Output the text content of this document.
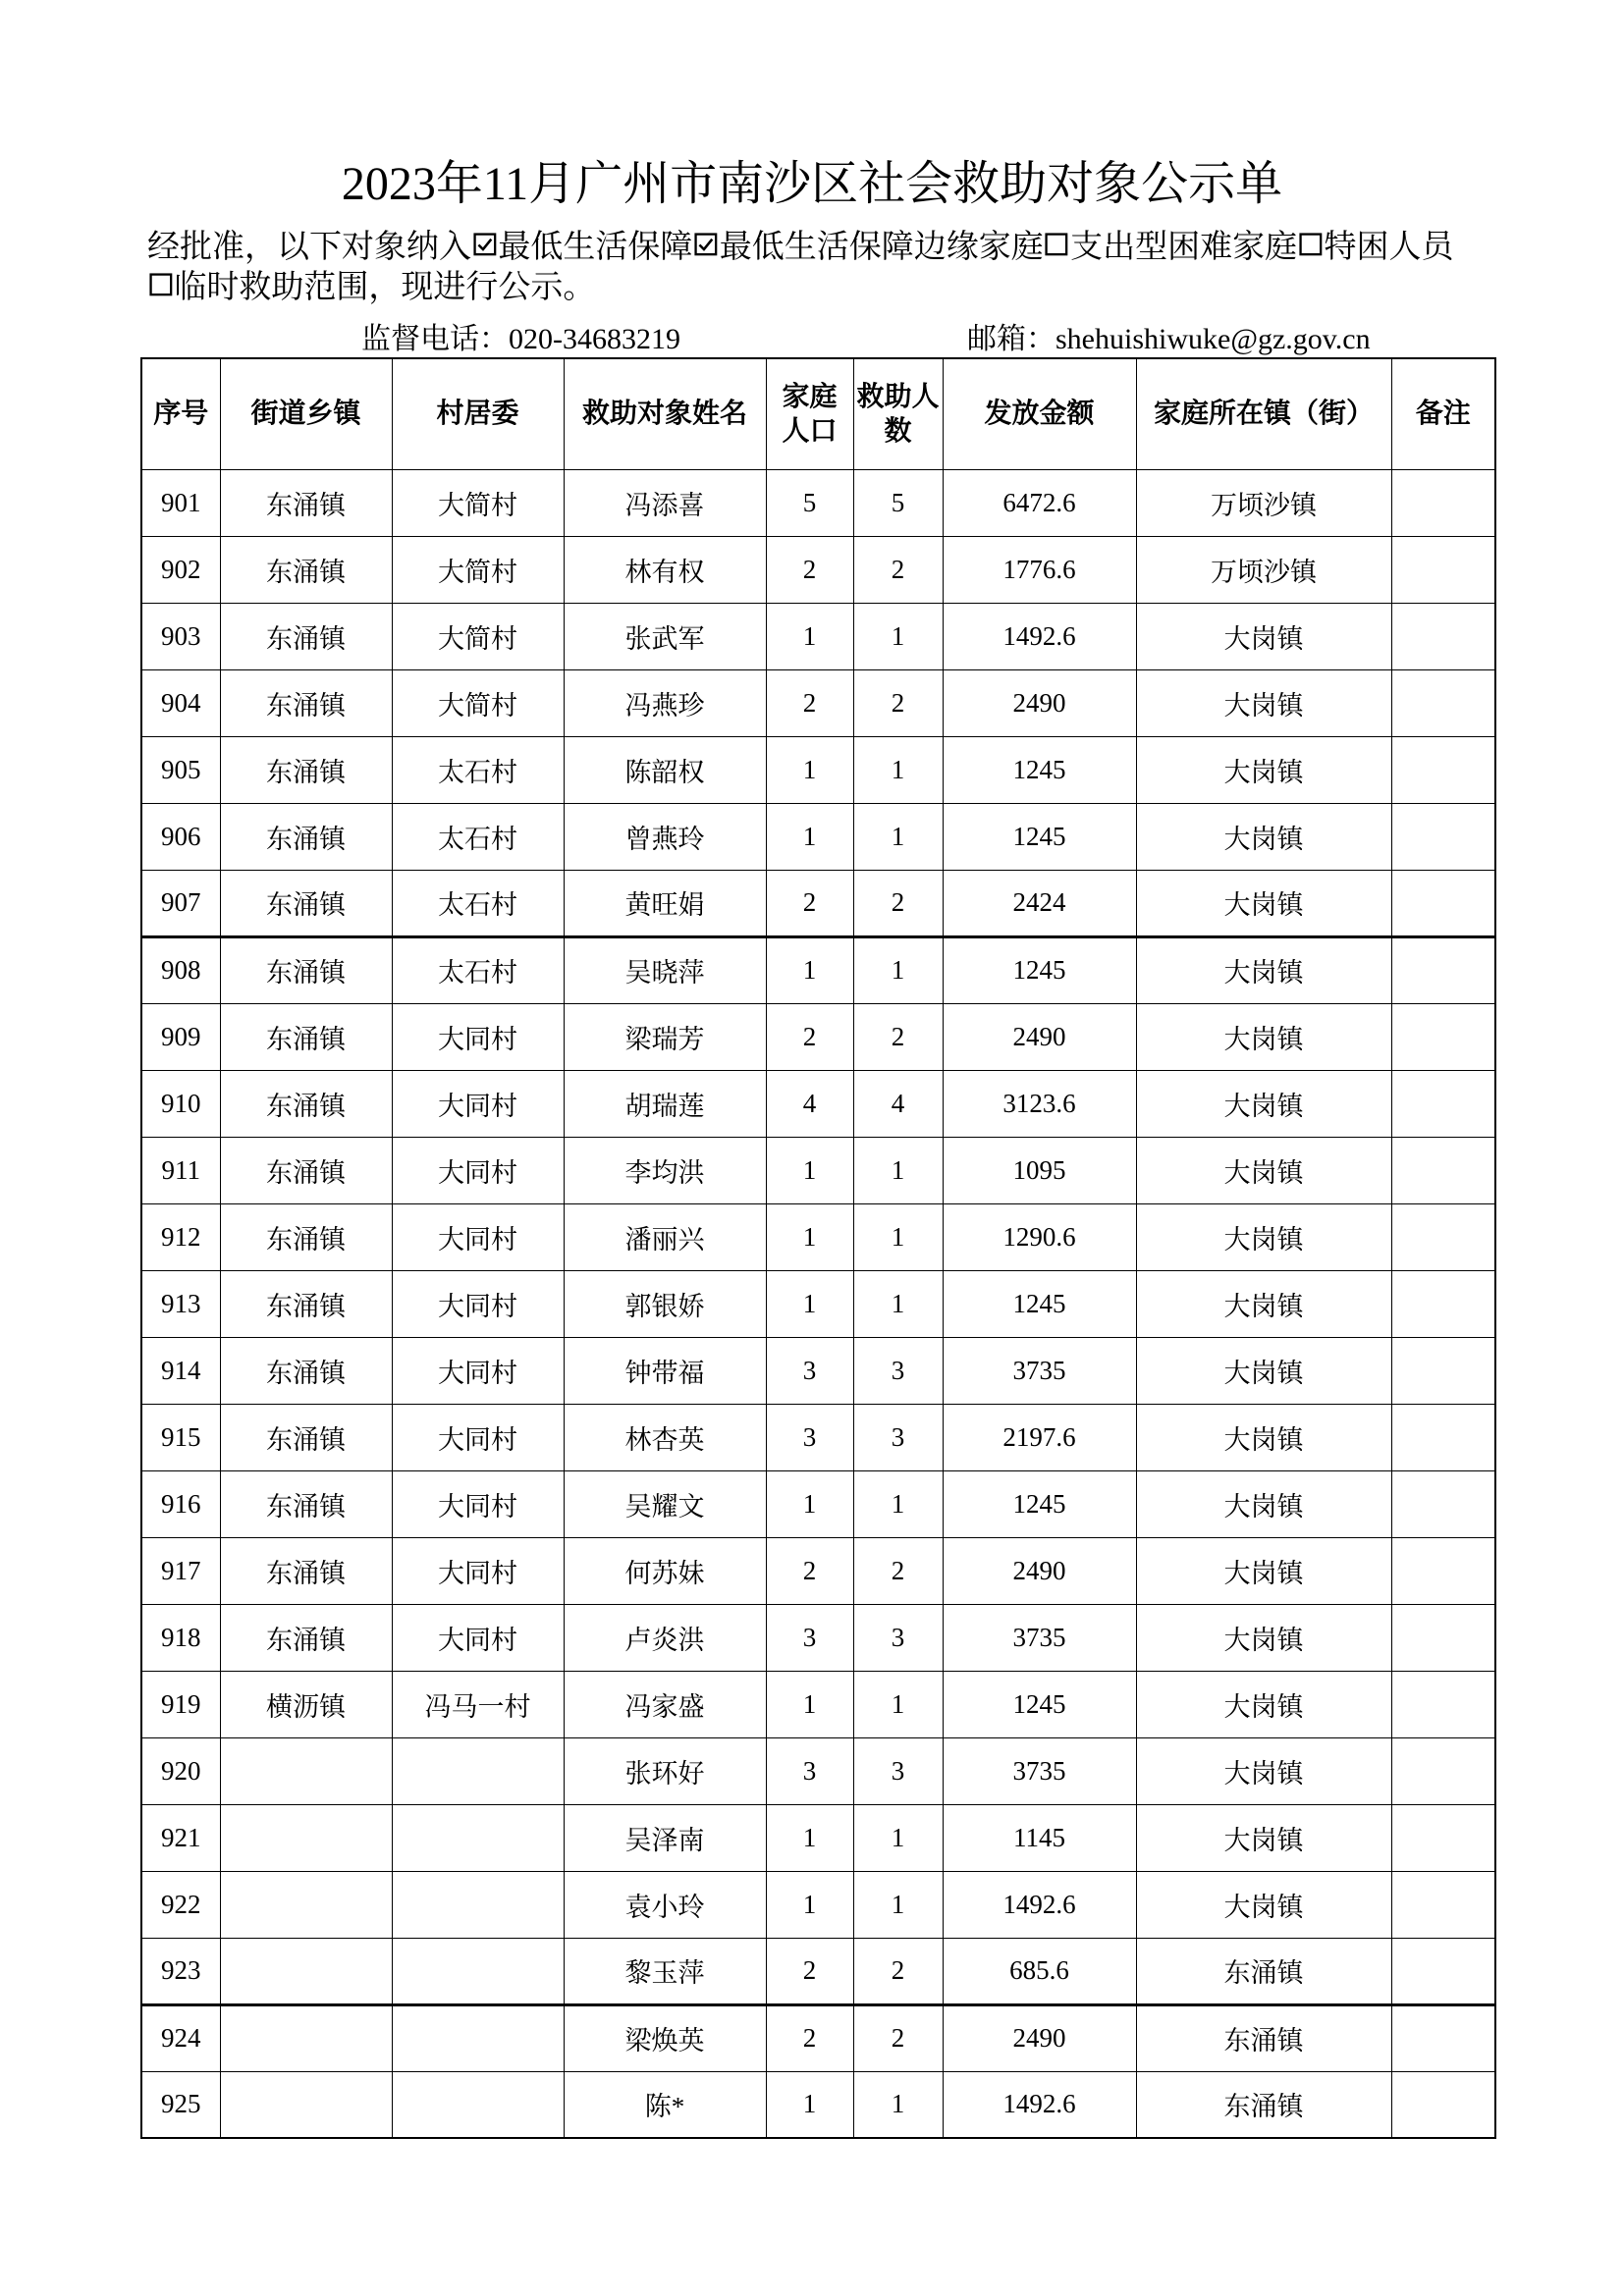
2023年11月广州市南沙区社会救助对象公示单
经批准，以下对象纳入 最低生活保障 最低生活保障边缘家庭 支出型困难家庭 特困人员
临时救助 范围，现进行公示。
监督电话：020-34683219	邮箱：shehuishiwuke@gz.gov.cn
序号	街道乡镇	村居委	救助对象姓名	家庭人口	救助人数	发放金额	家庭所在镇（街）	备注
901	东涌镇	大简村	冯添喜	5	5	6472.6	万顷沙镇	
902	东涌镇	大简村	林有权	2	2	1776.6	万顷沙镇	
903	东涌镇	大简村	张武军	1	1	1492.6	大岗镇	
904	东涌镇	大简村	冯燕珍	2	2	2490	大岗镇	
905	东涌镇	太石村	陈韶权	1	1	1245	大岗镇	
906	东涌镇	太石村	曾燕玲	1	1	1245	大岗镇	
907	东涌镇	太石村	黄旺娟	2	2	2424	大岗镇	
908	东涌镇	太石村	吴晓萍	1	1	1245	大岗镇	
909	东涌镇	大同村	梁瑞芳	2	2	2490	大岗镇	
910	东涌镇	大同村	胡瑞莲	4	4	3123.6	大岗镇	
911	东涌镇	大同村	李均洪	1	1	1095	大岗镇	
912	东涌镇	大同村	潘丽兴	1	1	1290.6	大岗镇	
913	东涌镇	大同村	郭银娇	1	1	1245	大岗镇	
914	东涌镇	大同村	钟带福	3	3	3735	大岗镇	
915	东涌镇	大同村	林杏英	3	3	2197.6	大岗镇	
916	东涌镇	大同村	吴耀文	1	1	1245	大岗镇	
917	东涌镇	大同村	何苏妹	2	2	2490	大岗镇	
918	东涌镇	大同村	卢炎洪	3	3	3735	大岗镇	
919	横沥镇	冯马一村	冯家盛	1	1	1245	大岗镇	
920			张环好	3	3	3735	大岗镇	
921			吴泽南	1	1	1145	大岗镇	
922			袁小玲	1	1	1492.6	大岗镇	
923			黎玉萍	2	2	685.6	东涌镇	
924			梁焕英	2	2	2490	东涌镇	
925			陈*	1	1	1492.6	东涌镇	
